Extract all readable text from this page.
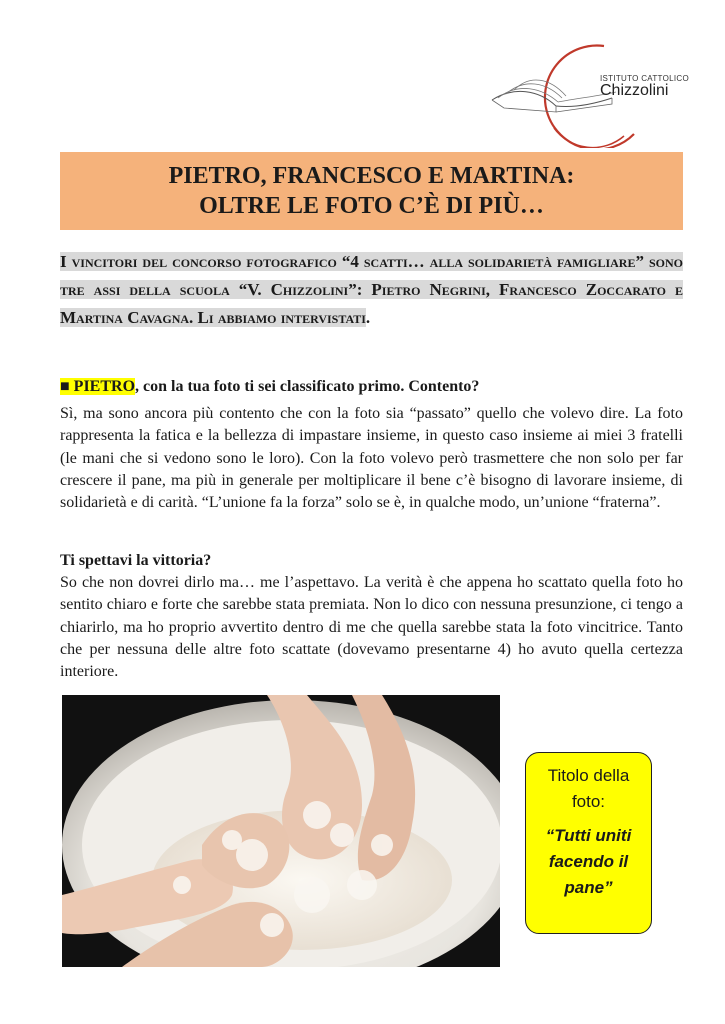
ISTITUTO CATTOLICO
Chizzolini
PIETRO, FRANCESCO E MARTINA:
OLTRE LE FOTO C’È DI PIÙ…
I vincitori del concorso fotografico “4 scatti… alla solidarietà famigliare” sono tre assi della scuola “V. Chizzolini”: Pietro Negrini, Francesco Zoccarato e Martina Cavagna. Li abbiamo intervistati.
■ PIETRO, con la tua foto ti sei classificato primo. Contento?
Sì, ma sono ancora più contento che con la foto sia “passato” quello che volevo dire. La foto rappresenta la fatica e la bellezza di impastare insieme, in questo caso insieme ai miei 3 fratelli (le mani che si vedono sono le loro). Con la foto volevo però trasmettere che non solo per far crescere il pane, ma più in generale per moltiplicare il bene c’è bisogno di lavorare insieme, di solidarietà e di carità. “L’unione fa la forza” solo se è, in qualche modo, un’unione “fraterna”.
Ti spettavi la vittoria?
So che non dovrei dirlo ma… me l’aspettavo. La verità è che appena ho scattato quella foto ho sentito chiaro e forte che sarebbe stata premiata. Non lo dico con nessuna presunzione, ci tengo a chiarirlo, ma ho proprio avvertito dentro di me che quella sarebbe stata la foto vincitrice. Tanto che per nessuna delle altre foto scattate (dovevamo presentarne 4) ho avuto quella certezza interiore.
Titolo della
foto:
“Tutti uniti
facendo il
pane”
